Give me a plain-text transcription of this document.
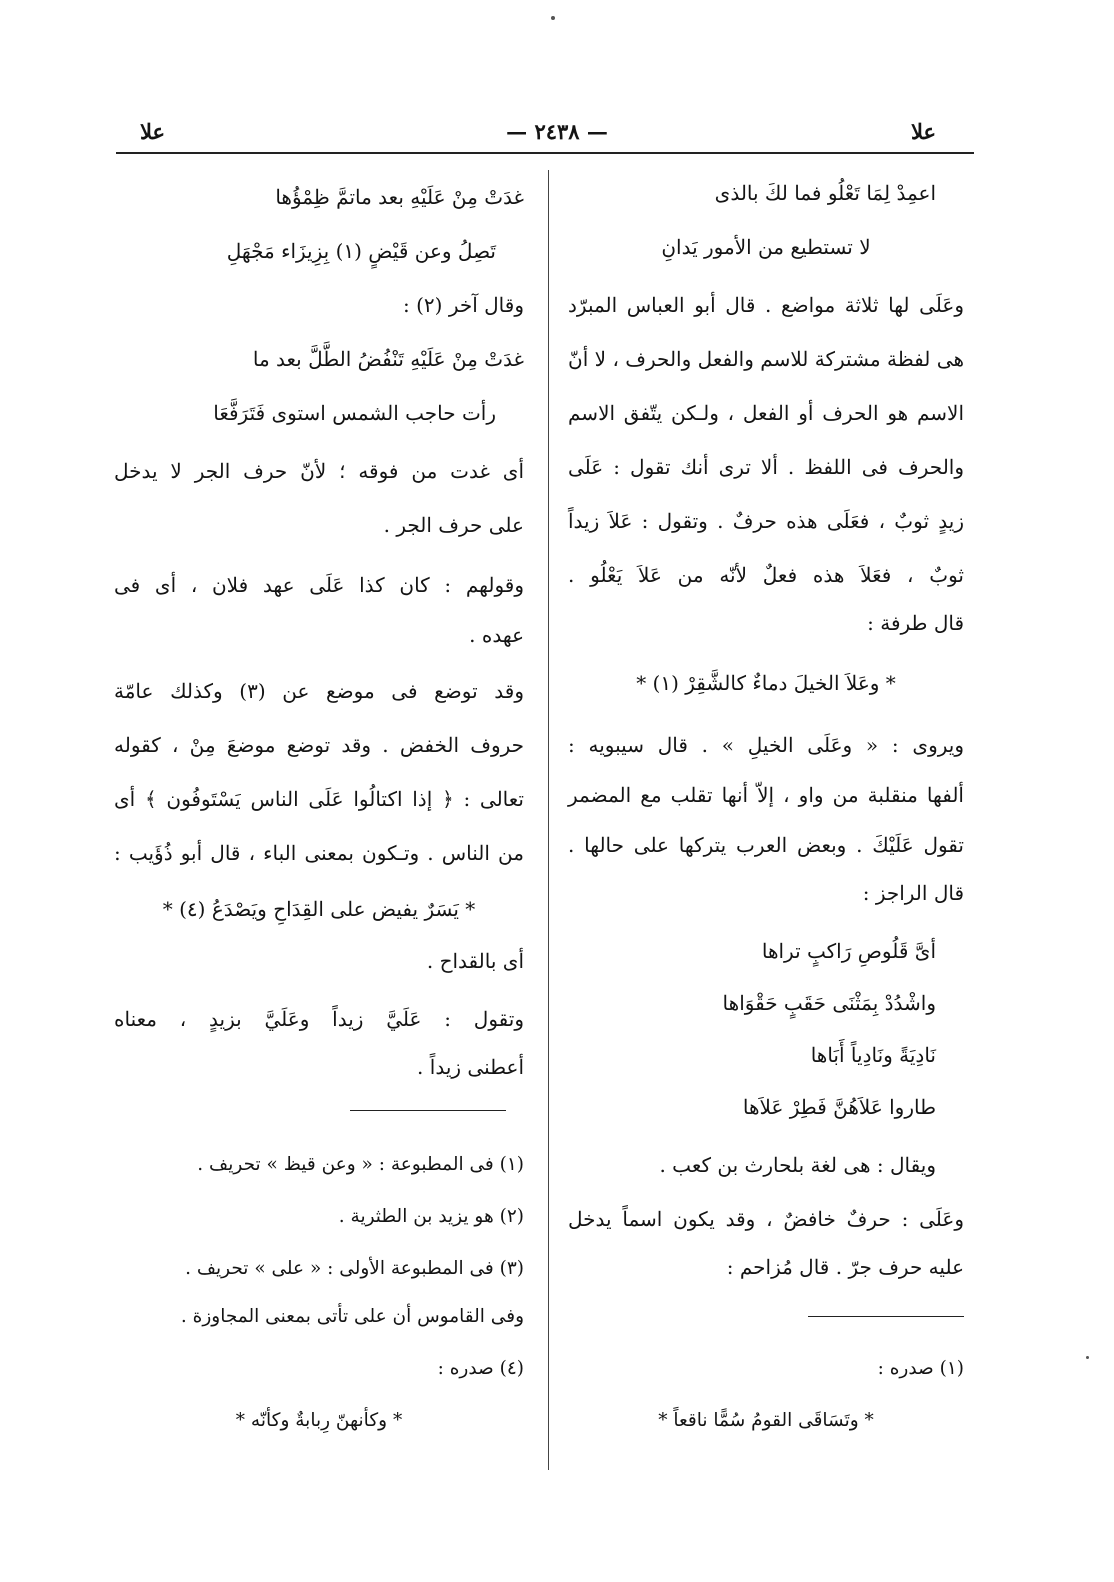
علا	— ٢٤٣٨ —	علا
اعمِدْ لِمَا تَعْلُو فما لكَ بالذى
لا تستطيع من الأمور يَدانِ
وعَلَى لها ثلاثة مواضع . قال أبو العباس المبرّد
هى لفظة مشتركة للاسم والفعل والحرف ، لا أنّ
الاسم هو الحرف أو الفعل ، ولـكن يتّفق الاسم
والحرف فى اللفظ . ألا ترى أنك تقول : عَلَى
زيدٍ ثوبٌ ، فعَلَى هذه حرفٌ . وتقول : عَلاَ زيداً
ثوبٌ ، فعَلاَ هذه فعلٌ لأنّه من عَلاَ يَعْلُو .
قال طرفة :
* وعَلاَ الخيلَ دماءٌ كالشَّقِرْ (١) *
ويروى : « وعَلَى الخيلِ » . قال سيبويه :
ألفها منقلبة من واو ، إلاّ أنها تقلب مع المضمر
تقول عَلَيْكَ . وبعض العرب يتركها على حالها .
قال الراجز :
أىَّ قَلُوصِ رَاكبٍ تراها
واشْدُدْ بِمَثْنَى حَقَبٍ حَقْوَاها
نَادِيَةً ونَادِياً أَبَاها
طاروا عَلاَهُنَّ فَطِرْ عَلاَها
ويقال : هى لغة بلحارث بن كعب .
وعَلَى : حرفٌ خافضٌ ، وقد يكون اسماً يدخل
عليه حرف جرّ . قال مُزاحم :
(١) صدره :
* وتَسَاقَى القومُ سُمًّا ناقعاً *
غدَتْ مِنْ عَلَيْهِ بعد ماتمَّ ظِمْؤُها
تَصِلُ وعن قَيْضٍ (١) بِزِيزَاء مَجْهَلِ
وقال آخر (٢) :
غدَتْ مِنْ عَلَيْهِ تَنْفُضُ الطَّلَّ بعد ما
رأت حاجب الشمس استوى فَتَرَفَّعَا
أى غدت من فوقه ؛ لأنّ حرف الجر لا يدخل
على حرف الجر .
وقولهم : كان كذا عَلَى عهد فلان ، أى فى
عهده .
وقد توضع فى موضع عن (٣) وكذلك عامّة
حروف الخفض . وقد توضع موضعَ مِنْ ، كقوله
تعالى : ﴿ إذا اكتالُوا عَلَى الناس يَسْتَوفُون ﴾ أى
من الناس . وتـكون بمعنى الباء ، قال أبو ذُؤَيب :
* يَسَرٌ يفيض على القِدَاحِ ويَصْدَعُ (٤) *
أى بالقداح .
وتقول : عَلَيَّ زيداً وعَلَيَّ بزيدٍ ، معناه
أعطنى زيداً .
(١) فى المطبوعة : « وعن قيظ » تحريف .
(٢) هو يزيد بن الطثرية .
(٣) فى المطبوعة الأولى : « على » تحريف .
وفى القاموس أن على تأتى بمعنى المجاوزة .
(٤) صدره :
* وكأنهنّ رِبابةٌ وكأنّه *
